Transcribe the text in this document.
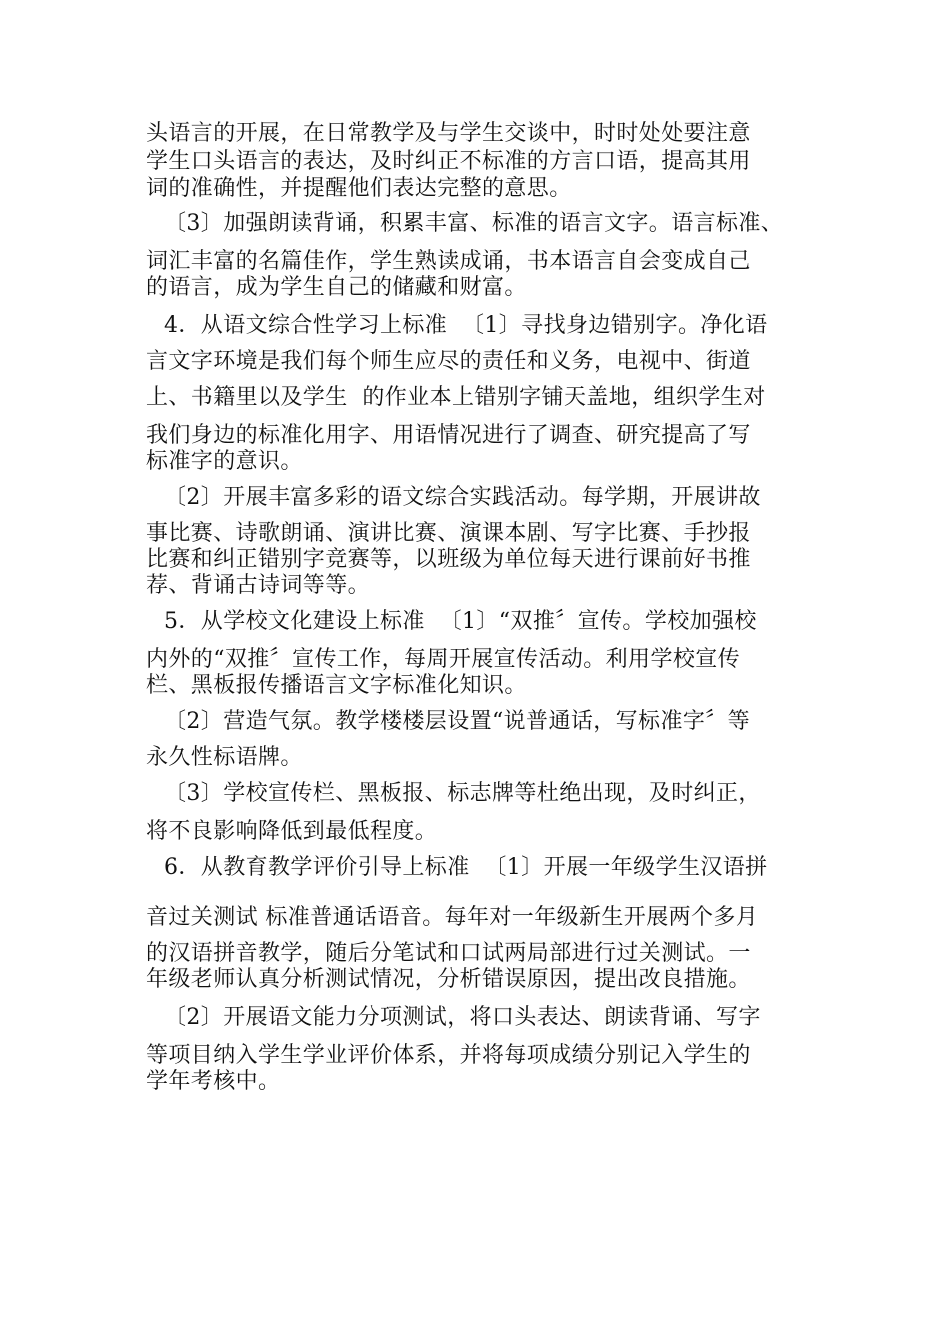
头语言的开展，在日常教学及与学生交谈中，时时处处要注意
学生口头语言的表达，及时纠正不标准的方言口语，提高其用
词的准确性，并提醒他们表达完整的意思。
〔3〕加强朗读背诵，积累丰富、标准的语言文字。语言标准、
词汇丰富的名篇佳作，学生熟读成诵，书本语言自会变成自己
的语言，成为学生自己的储藏和财富。
4．从语文综合性学习上标准  〔1〕寻找身边错别字。净化语
言文字环境是我们每个师生应尽的责任和义务，电视中、街道
上、书籍里以及学生  的作业本上错别字铺天盖地，组织学生对
我们身边的标准化用字、用语情况进行了调查、研究提高了写
标准字的意识。
〔2〕开展丰富多彩的语文综合实践活动。每学期，开展讲故
事比赛、诗歌朗诵、演讲比赛、演课本剧、写字比赛、手抄报
比赛和纠正错别字竞赛等，以班级为单位每天进行课前好书推
荐、背诵古诗词等等。
5．从学校文化建设上标准  〔1〕“双推〞宣传。学校加强校
内外的“双推〞宣传工作，每周开展宣传活动。利用学校宣传
栏、黑板报传播语言文字标准化知识。
〔2〕营造气氛。教学楼楼层设置“说普通话，写标准字〞等
永久性标语牌。
〔3〕学校宣传栏、黑板报、标志牌等杜绝出现，及时纠正，
将不良影响降低到最低程度。
6．从教育教学评价引导上标准  〔1〕开展一年级学生汉语拼
音过关测试 标准普通话语音。每年对一年级新生开展两个多月
的汉语拼音教学，随后分笔试和口试两局部进行过关测试。一
年级老师认真分析测试情况，分析错误原因，提出改良措施。
〔2〕开展语文能力分项测试，将口头表达、朗读背诵、写字
等项目纳入学生学业评价体系，并将每项成绩分别记入学生的
学年考核中。
